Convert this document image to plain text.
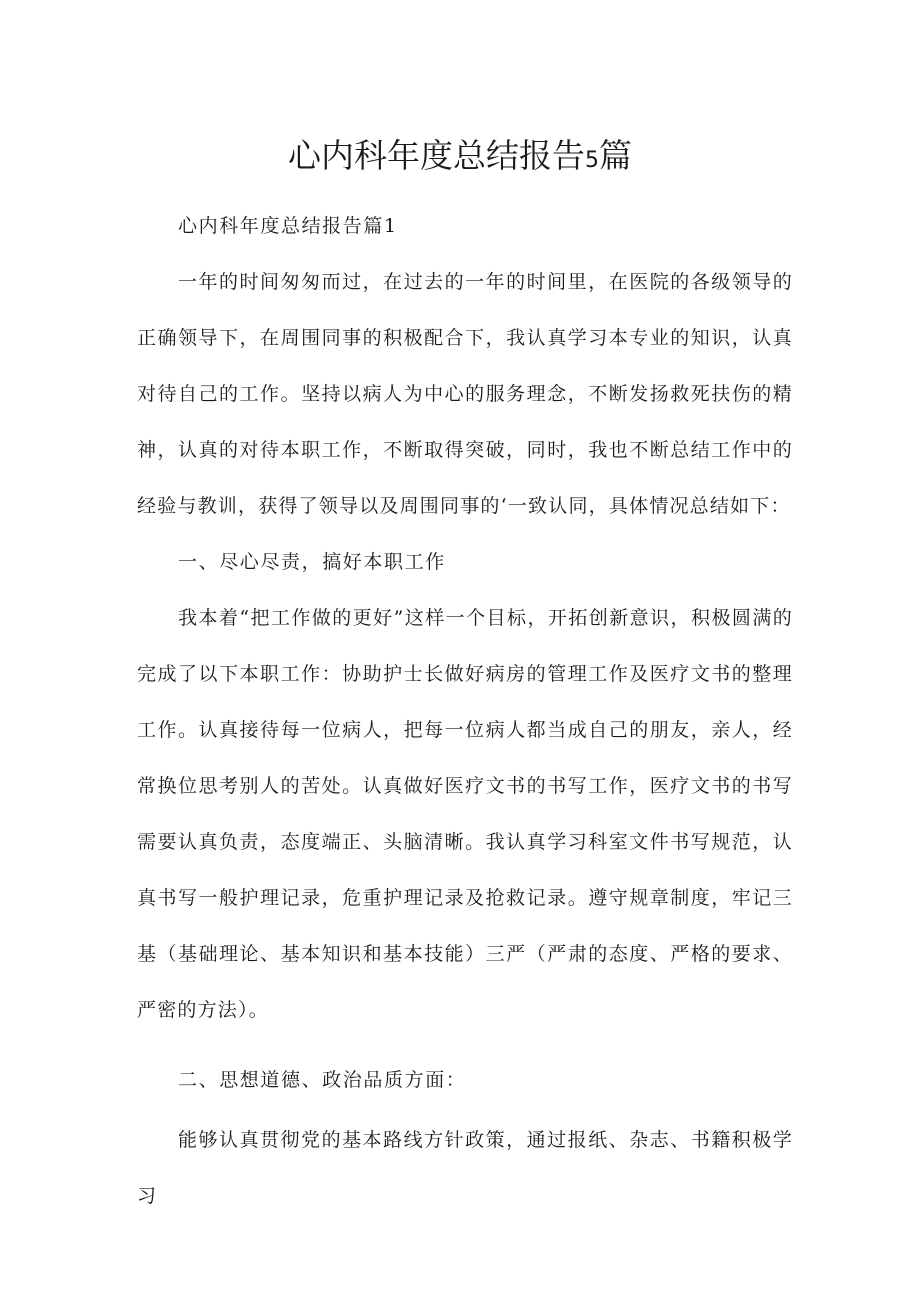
心内科年度总结报告5篇

心内科年度总结报告篇1

一年的时间匆匆而过，在过去的一年的时间里，在医院的各级领导的正确领导下，在周围同事的积极配合下，我认真学习本专业的知识，认真对待自己的工作。坚持以病人为中心的服务理念，不断发扬救死扶伤的精神，认真的对待本职工作，不断取得突破，同时，我也不断总结工作中的经验与教训，获得了领导以及周围同事的‘一致认同，具体情况总结如下：

一、尽心尽责，搞好本职工作

我本着“把工作做的更好”这样一个目标，开拓创新意识，积极圆满的完成了以下本职工作：协助护士长做好病房的管理工作及医疗文书的整理工作。认真接待每一位病人，把每一位病人都当成自己的朋友，亲人，经常换位思考别人的苦处。认真做好医疗文书的书写工作，医疗文书的书写需要认真负责，态度端正、头脑清晰。我认真学习科室文件书写规范，认真书写一般护理记录，危重护理记录及抢救记录。遵守规章制度，牢记三基（基础理论、基本知识和基本技能）三严（严肃的态度、严格的要求、严密的方法）。

二、思想道德、政治品质方面：

能够认真贯彻党的基本路线方针政策，通过报纸、杂志、书籍积极学习
